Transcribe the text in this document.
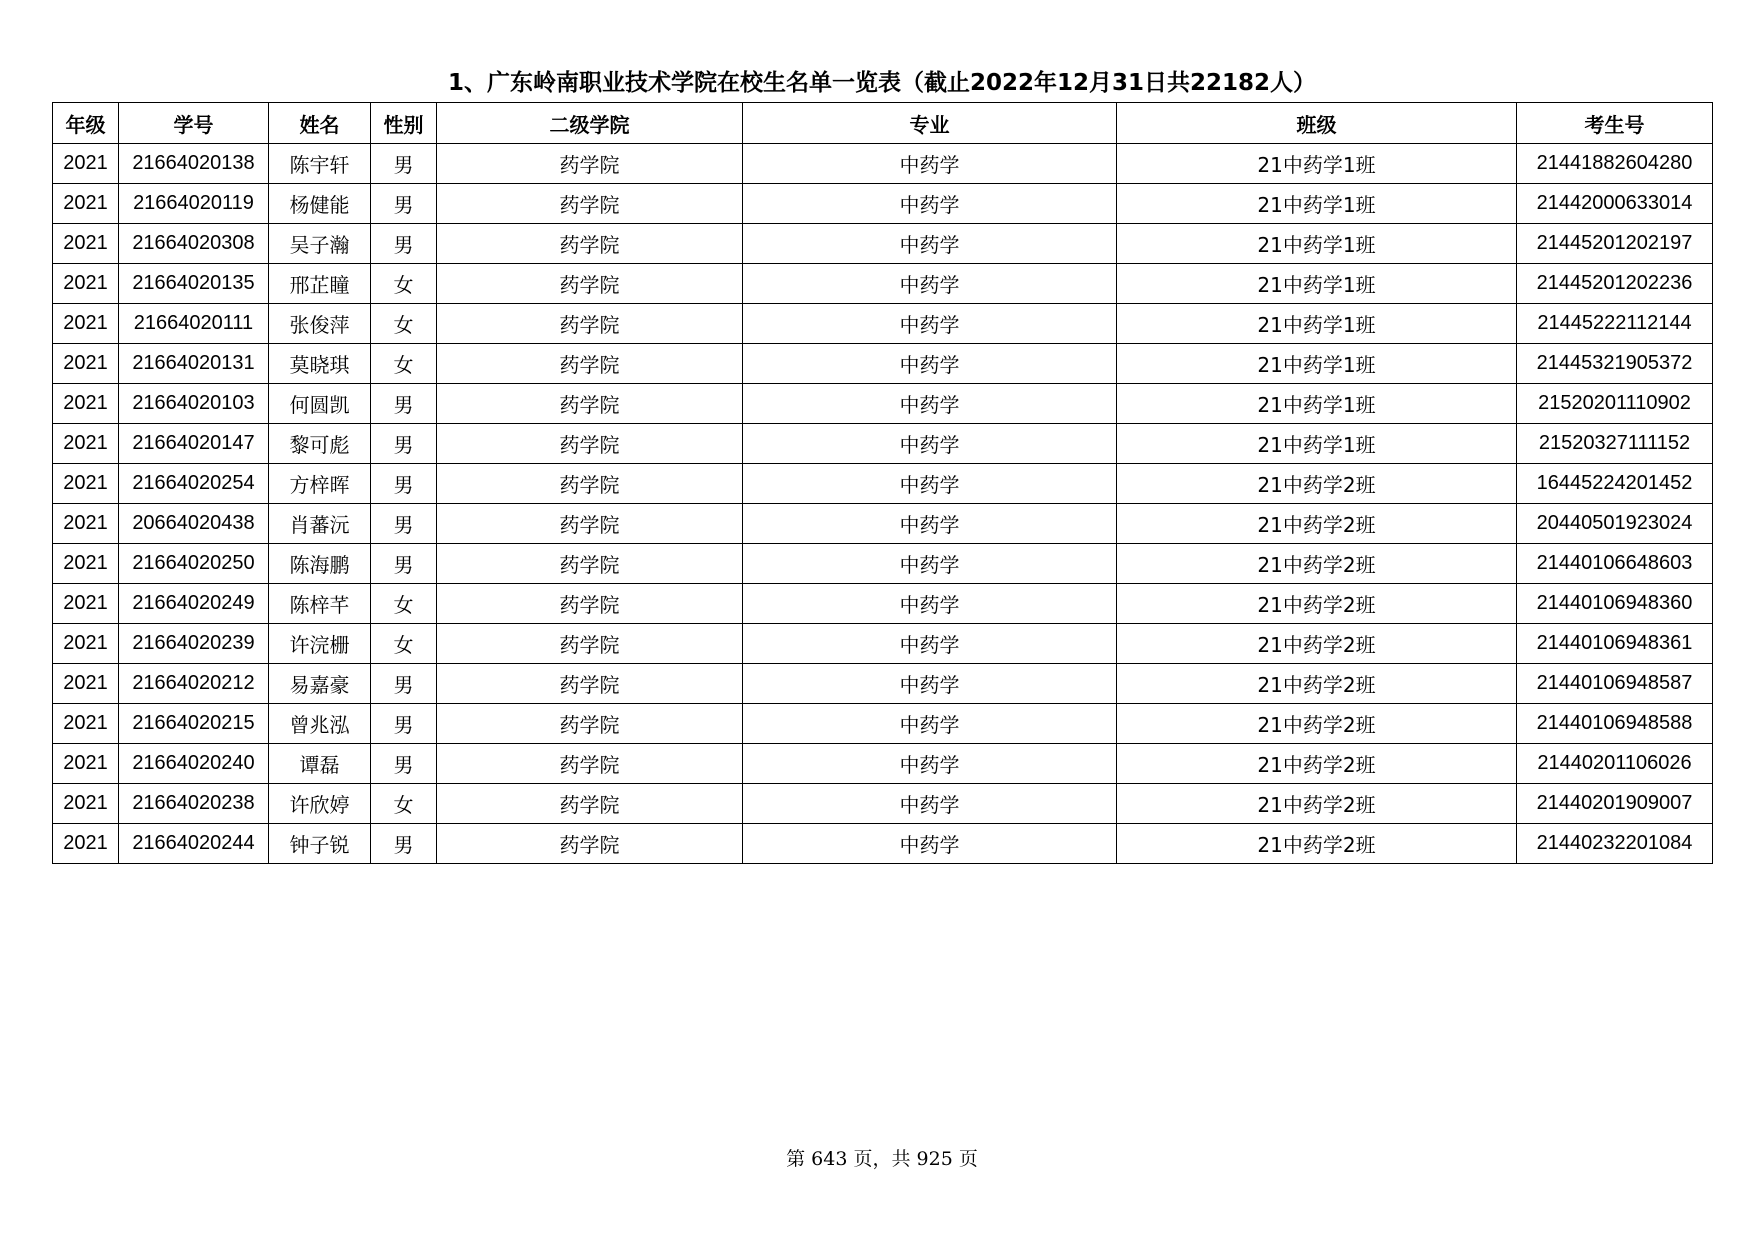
1、广东岭南职业技术学院在校生名单一览表（截止2022年12月31日共22182人）
年级	学号	姓名	性别	二级学院	专业	班级	考生号
2021	21664020138	陈宇轩	男	药学院	中药学	21中药学1班	21441882604280
2021	21664020119	杨健能	男	药学院	中药学	21中药学1班	21442000633014
2021	21664020308	吴子瀚	男	药学院	中药学	21中药学1班	21445201202197
2021	21664020135	邢芷瞳	女	药学院	中药学	21中药学1班	21445201202236
2021	21664020111	张俊萍	女	药学院	中药学	21中药学1班	21445222112144
2021	21664020131	莫晓琪	女	药学院	中药学	21中药学1班	21445321905372
2021	21664020103	何圆凯	男	药学院	中药学	21中药学1班	21520201110902
2021	21664020147	黎可彪	男	药学院	中药学	21中药学1班	21520327111152
2021	21664020254	方梓晖	男	药学院	中药学	21中药学2班	16445224201452
2021	20664020438	肖蕃沅	男	药学院	中药学	21中药学2班	20440501923024
2021	21664020250	陈海鹏	男	药学院	中药学	21中药学2班	21440106648603
2021	21664020249	陈梓芊	女	药学院	中药学	21中药学2班	21440106948360
2021	21664020239	许浣栅	女	药学院	中药学	21中药学2班	21440106948361
2021	21664020212	易嘉豪	男	药学院	中药学	21中药学2班	21440106948587
2021	21664020215	曾兆泓	男	药学院	中药学	21中药学2班	21440106948588
2021	21664020240	谭磊	男	药学院	中药学	21中药学2班	21440201106026
2021	21664020238	许欣婷	女	药学院	中药学	21中药学2班	21440201909007
2021	21664020244	钟子锐	男	药学院	中药学	21中药学2班	21440232201084
第 643 页，共 925 页
